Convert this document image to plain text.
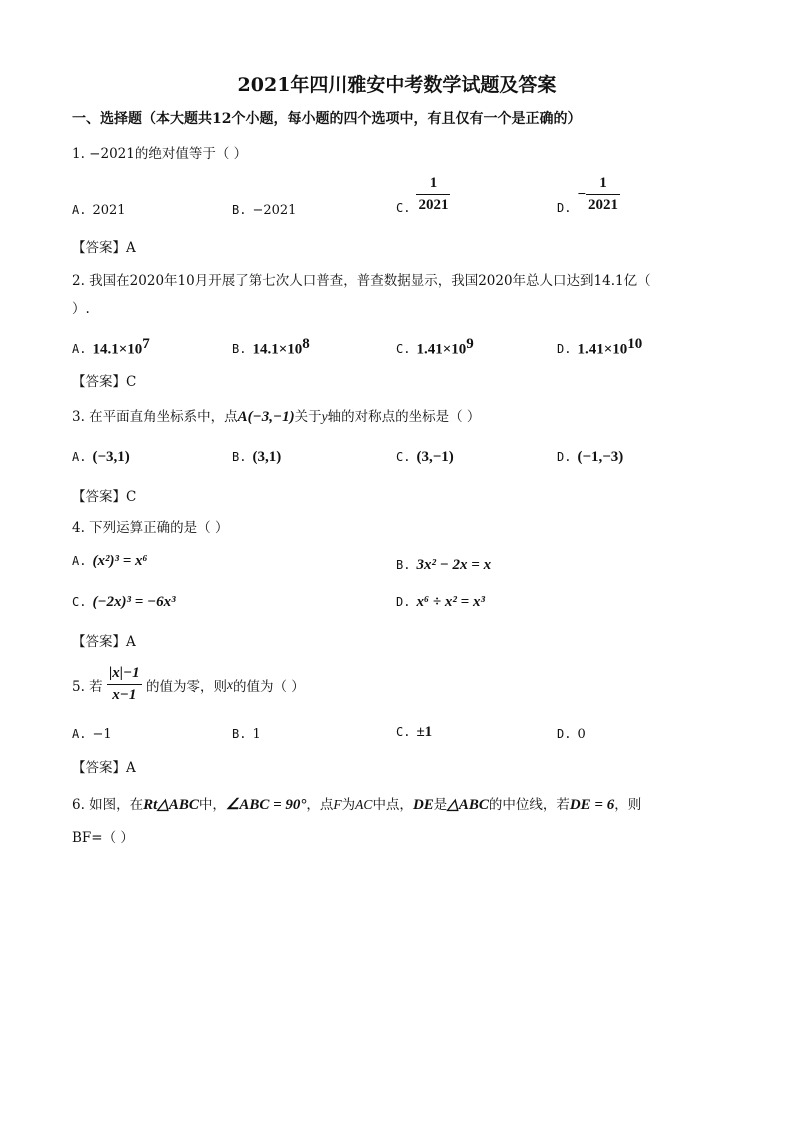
2021年四川雅安中考数学试题及答案
一、选择题（本大题共12个小题，每小题的四个选项中，有且仅有一个是正确的）
1. −2021的绝对值等于（ ）
A. 2021	B. −2021	C. $\frac{1}{2021}$	$D.- \frac{1}{2021}$
【答案】A
2. 我国在2020年10月开展了第七次人口普查，普查数据显示，我国2020年总人口达到14.1亿（
）.
A. $14.1\times 10^7$	B. $14.1\times 10^8$	C. $1.41\times 10^9$	D. $1.41\times 10^{10}$
【答案】C
3. 在平面直角坐标系中，点A(−3,−1)关于y轴的对称点的坐标是（ ）
A. (−3,1)	B. (3,1)	C. (3,−1)	D. (−1,−3)
【答案】C
4. 下列运算正确的是（ ）
A. (x²)³ = x⁶	B. 3x² − 2x = x
C. (−2x)³ = −6x³	D. x⁶ ÷ x² = x³
【答案】A
5. 若 $\frac{|x|-1}{x-1}$ 的值为零，则x的值为（ ）
A. −1	B. 1	C. ±1	D. 0
【答案】A
6. 如图，在Rt△ABC中，∠ABC = 90°，点F为AC中点，DE是△ABC的中位线，若DE = 6，则
BF=（ ）
